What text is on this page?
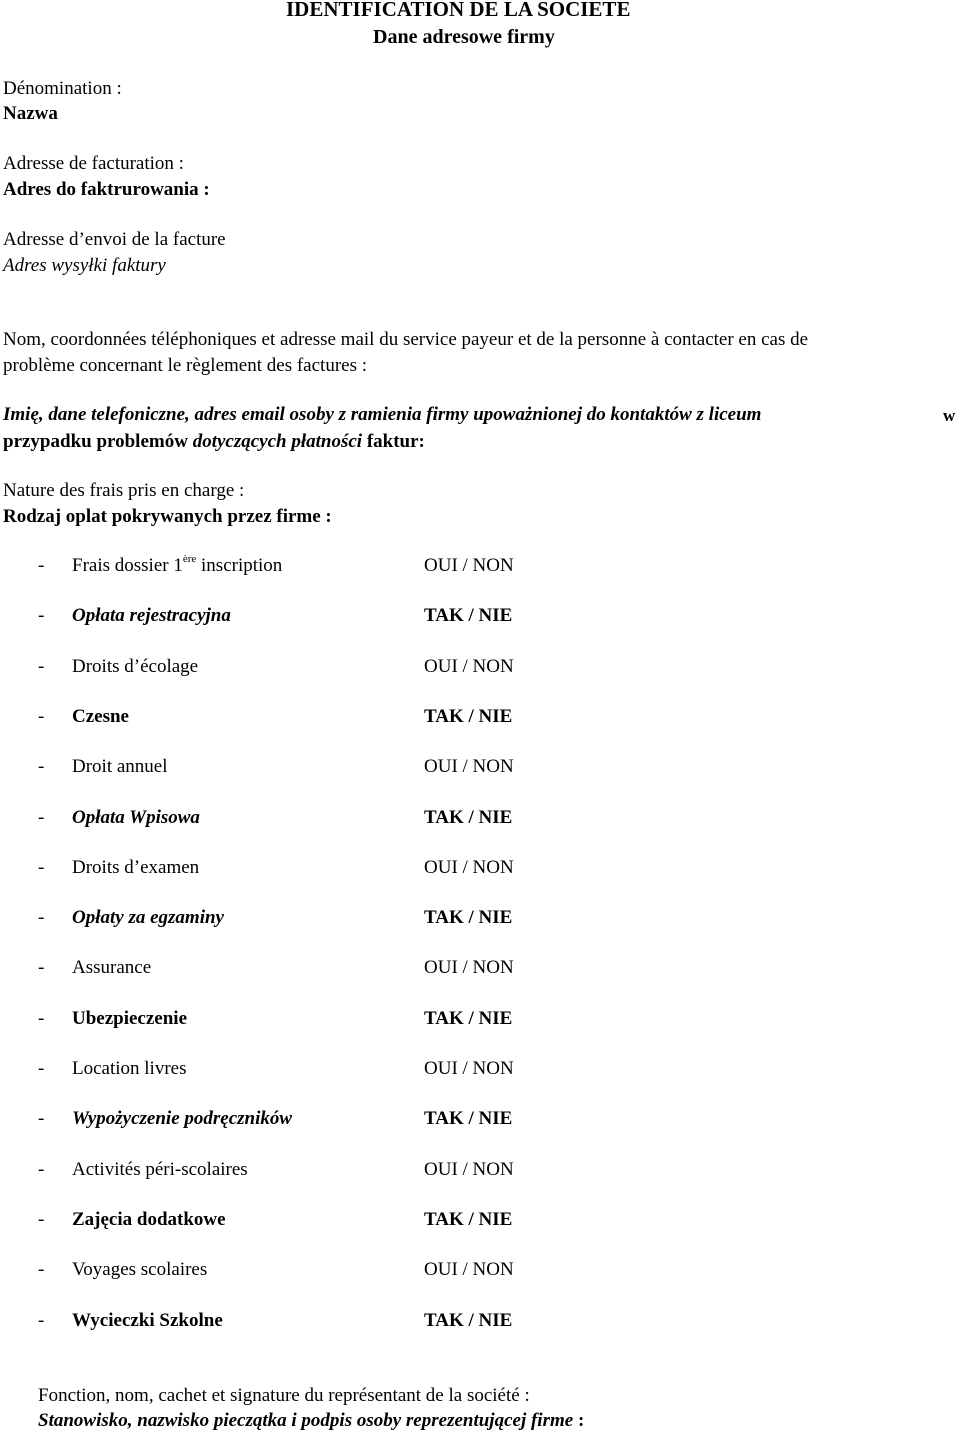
IDENTIFICATION DE LA SOCIETE
Dane adresowe firmy
Dénomination :
Nazwa
Adresse de facturation :
Adres do faktrurowania :
Adresse d’envoi de la facture
Adres wysyłki faktury
Nom, coordonnées téléphoniques et adresse mail du service payeur et de la personne à contacter en cas de
problème concernant le règlement des factures :
Imię, dane telefoniczne, adres email osoby z ramienia firmy upoważnionej do kontaktów z liceum	w
przypadku problemów dotyczących płatności faktur:
Nature des frais pris en charge :
Rodzaj oplat pokrywanych przez firme :
- Frais dossier 1ère inscription	OUI / NON
- Opłata rejestracyjna	TAK / NIE
- Droits d’écolage	OUI / NON
- Czesne	TAK / NIE
- Droit annuel	OUI / NON
- Opłata Wpisowa	TAK / NIE
- Droits d’examen	OUI / NON
- Opłaty za egzaminy	TAK / NIE
- Assurance	OUI / NON
- Ubezpieczenie	TAK / NIE
- Location livres	OUI / NON
- Wypożyczenie podręczników	TAK / NIE
- Activités péri-scolaires	OUI / NON
- Zajęcia dodatkowe	TAK / NIE
- Voyages scolaires	OUI / NON
- Wycieczki Szkolne	TAK / NIE
Fonction, nom, cachet et signature du représentant de la société :
Stanowisko, nazwisko pieczątka i podpis osoby reprezentującej firme :
